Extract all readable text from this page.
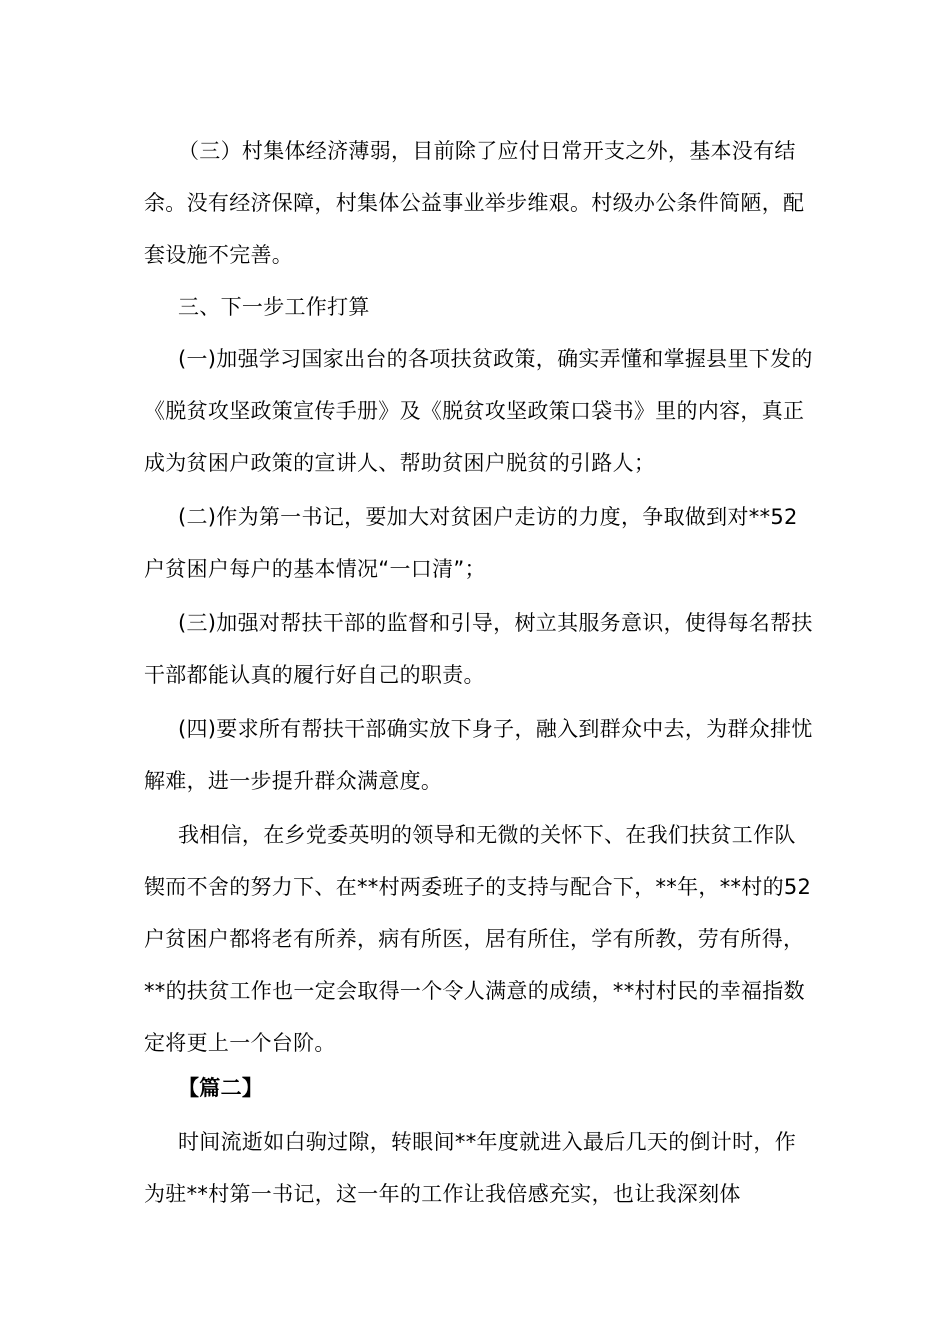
（三）村集体经济薄弱，目前除了应付日常开支之外，基本没有结余。没有经济保障，村集体公益事业举步维艰。村级办公条件简陋，配套设施不完善。

三、下一步工作打算

(一)加强学习国家出台的各项扶贫政策，确实弄懂和掌握县里下发的《脱贫攻坚政策宣传手册》及《脱贫攻坚政策口袋书》里的内容，真正成为贫困户政策的宣讲人、帮助贫困户脱贫的引路人；

(二)作为第一书记，要加大对贫困户走访的力度，争取做到对**52户贫困户每户的基本情况“一口清”；

(三)加强对帮扶干部的监督和引导，树立其服务意识，使得每名帮扶干部都能认真的履行好自己的职责。

(四)要求所有帮扶干部确实放下身子，融入到群众中去，为群众排忧解难，进一步提升群众满意度。

我相信，在乡党委英明的领导和无微的关怀下、在我们扶贫工作队锲而不舍的努力下、在**村两委班子的支持与配合下，**年，**村的52户贫困户都将老有所养，病有所医，居有所住，学有所教，劳有所得，**的扶贫工作也一定会取得一个令人满意的成绩，**村村民的幸福指数定将更上一个台阶。

【篇二】

时间流逝如白驹过隙，转眼间**年度就进入最后几天的倒计时，作为驻**村第一书记，这一年的工作让我倍感充实，也让我深刻体
